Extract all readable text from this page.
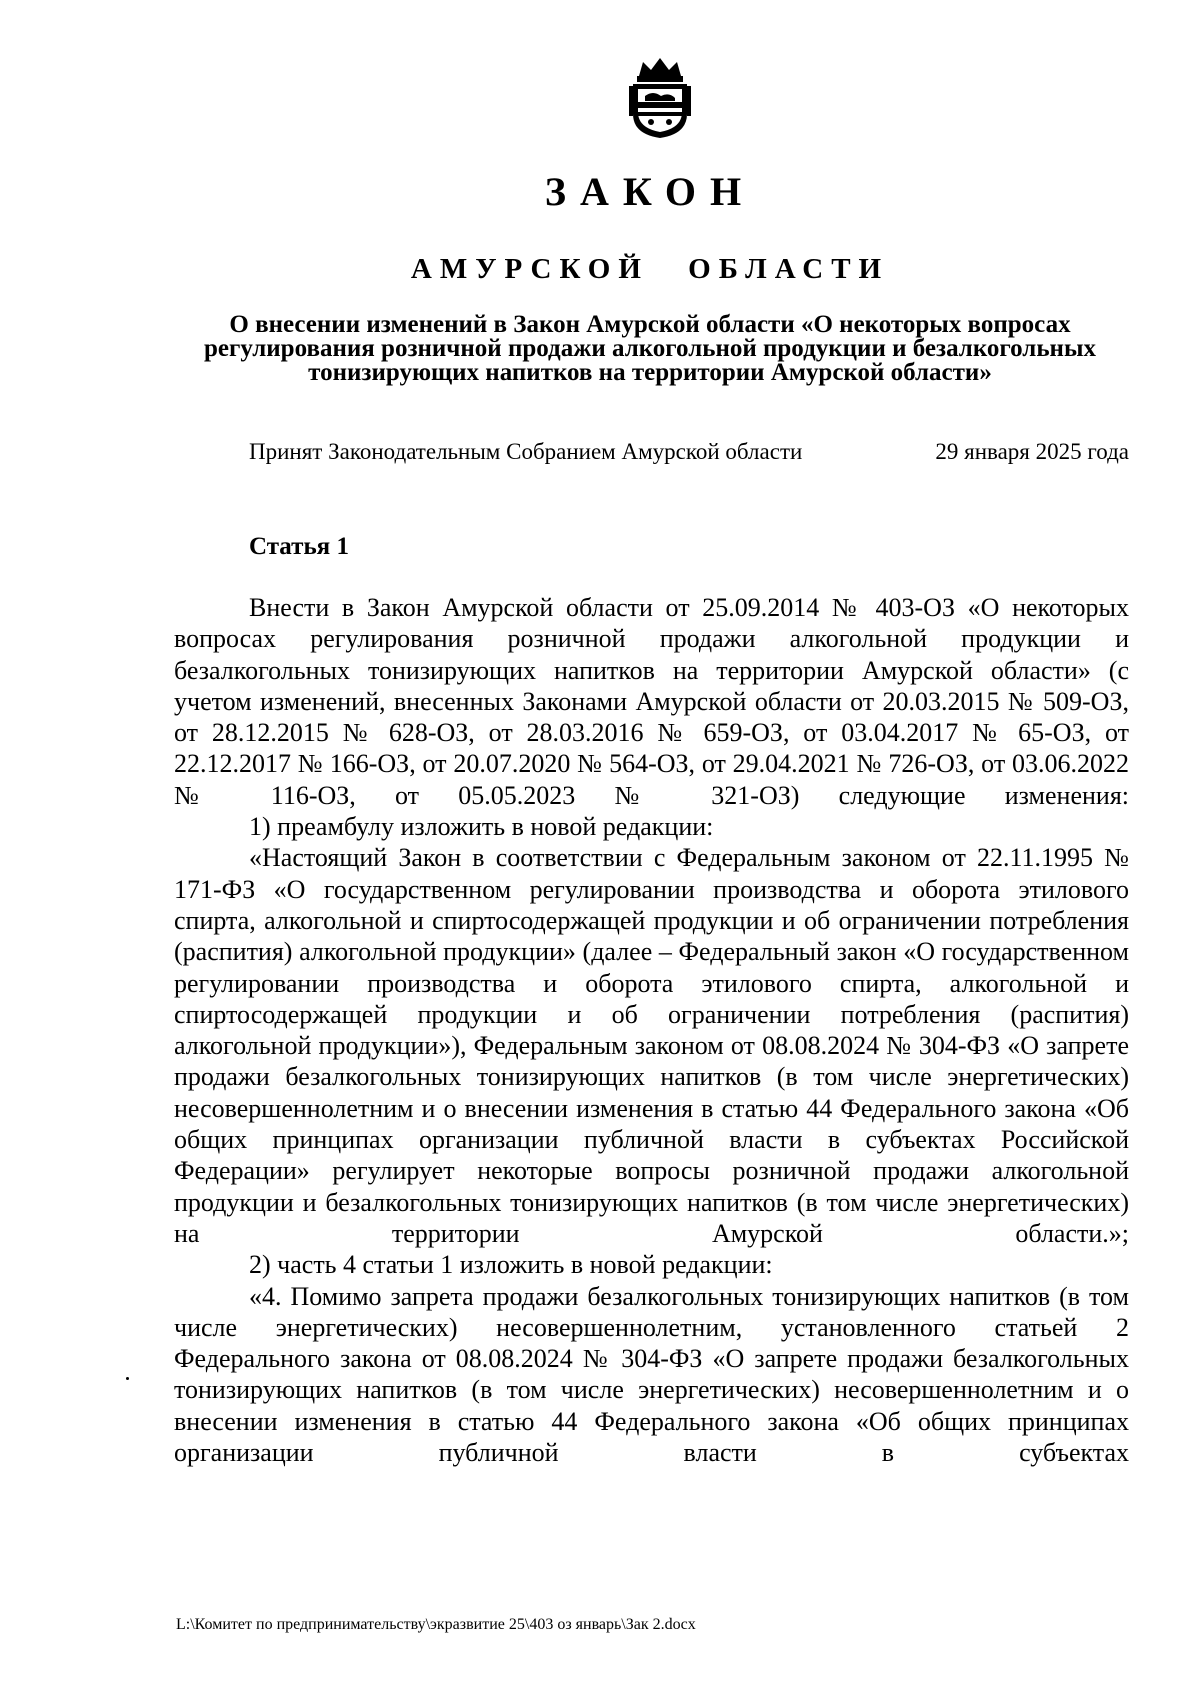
ЗАКОН
АМУРСКОЙ ОБЛАСТИ
О внесении изменений в Закон Амурской области «О некоторых вопросах регулирования розничной продажи алкогольной продукции и безалкогольных тонизирующих напитков на территории Амурской области»
Принят Законодательным Собранием Амурской области	29 января 2025 года
Статья 1

Внести в Закон Амурской области от 25.09.2014 № 403-ОЗ «О некоторых вопросах регулирования розничной продажи алкогольной продукции и безалкогольных тонизирующих напитков на территории Амурской области» (с учетом изменений, внесенных Законами Амурской области от 20.03.2015 № 509-ОЗ, от 28.12.2015 № 628-ОЗ, от 28.03.2016 № 659-ОЗ, от 03.04.2017 № 65-ОЗ, от 22.12.2017 № 166-ОЗ, от 20.07.2020 № 564-ОЗ, от 29.04.2021 № 726-ОЗ, от 03.06.2022 № 116-ОЗ, от 05.05.2023 № 321-ОЗ) следующие изменения:

1) преамбулу изложить в новой редакции:

«Настоящий Закон в соответствии с Федеральным законом от 22.11.1995 № 171-ФЗ «О государственном регулировании производства и оборота этилового спирта, алкогольной и спиртосодержащей продукции и об ограничении потребления (распития) алкогольной продукции» (далее – Федеральный закон «О государственном регулировании производства и оборота этилового спирта, алкогольной и спиртосодержащей продукции и об ограничении потребления (распития) алкогольной продукции»), Федеральным законом от 08.08.2024 № 304-ФЗ «О запрете продажи безалкогольных тонизирующих напитков (в том числе энергетических) несовершеннолетним и о внесении изменения в статью 44 Федерального закона «Об общих принципах организации публичной власти в субъектах Российской Федерации» регулирует некоторые вопросы розничной продажи алкогольной продукции и безалкогольных тонизирующих напитков (в том числе энергетических) на территории Амурской области.»;

2) часть 4 статьи 1 изложить в новой редакции:

«4. Помимо запрета продажи безалкогольных тонизирующих напитков (в том числе энергетических) несовершеннолетним, установленного статьей 2 Федерального закона от 08.08.2024 № 304-ФЗ «О запрете продажи безалкогольных тонизирующих напитков (в том числе энергетических) несовершеннолетним и о внесении изменения в статью 44 Федерального закона «Об общих принципах организации публичной власти в субъектах

L:\Комитет по предпринимательству\экразвитие 25\403 оз январь\Зак 2.docx
